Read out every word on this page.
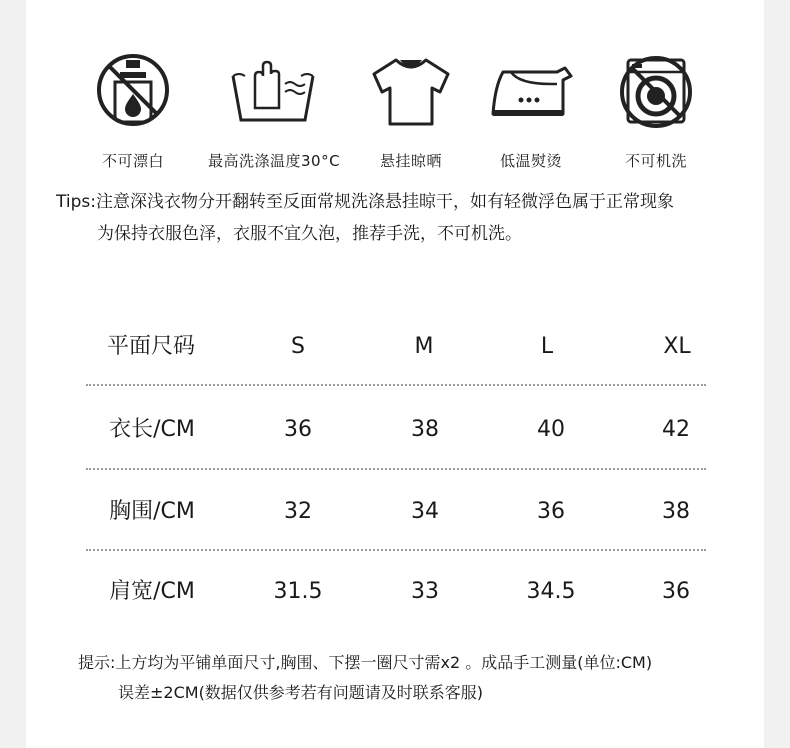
不可漂白	最高洗涤温度30°C	悬挂晾晒	低温熨烫	不可机洗
Tips:注意深浅衣物分开翻转至反面常规洗涤悬挂晾干，如有轻微浮色属于正常现象
为保持衣服色泽，衣服不宜久泡，推荐手洗，不可机洗。
平面尺码	S	M	L	XL
衣长/CM	36	38	40	42
胸围/CM	32	34	36	38
肩宽/CM	31.5	33	34.5	36
提示:上方均为平铺单面尺寸,胸围、下摆一圈尺寸需x2 。成品手工测量(单位:CM)
误差±2CM(数据仅供参考若有问题请及时联系客服)
